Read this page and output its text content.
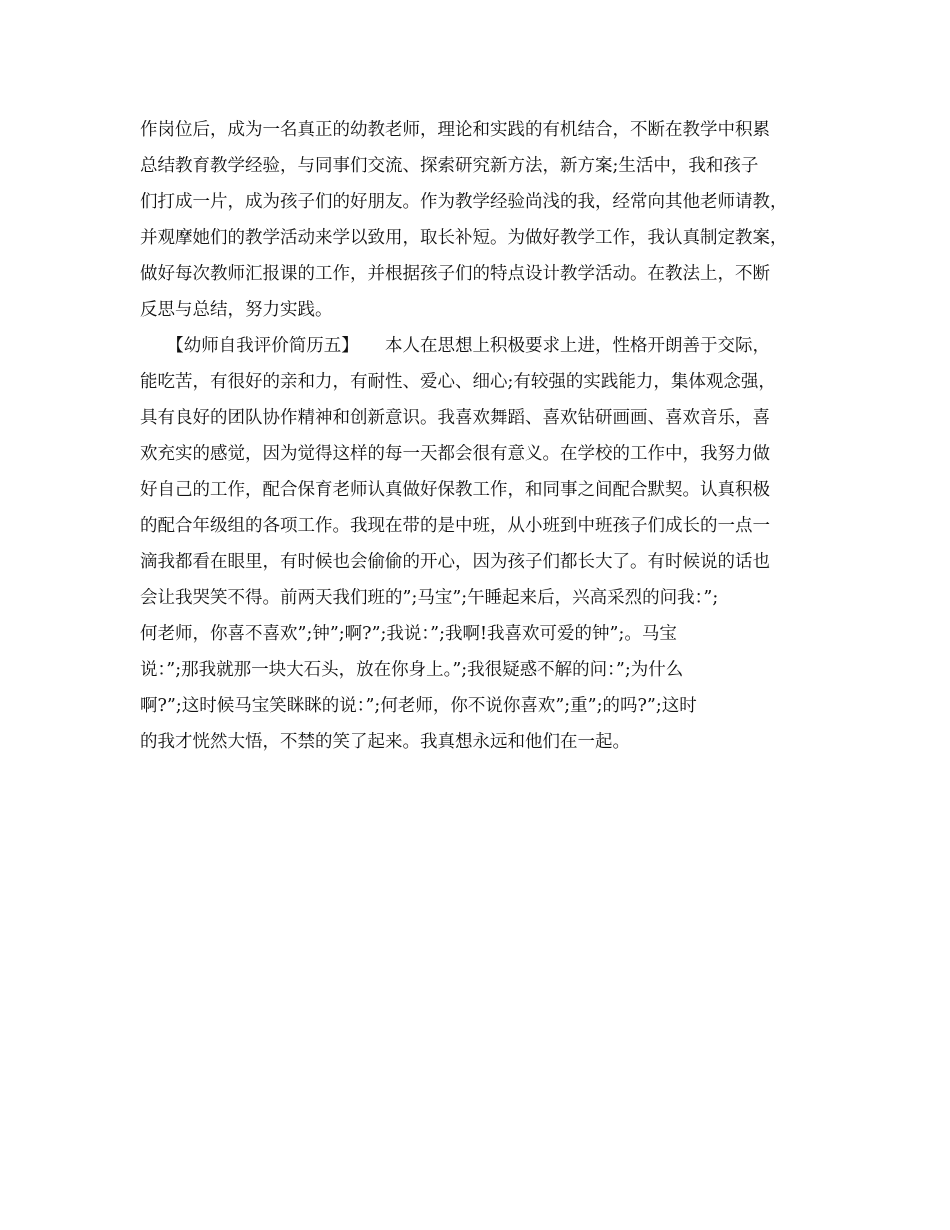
作岗位后，成为一名真正的幼教老师，理论和实践的有机结合，不断在教学中积累
总结教育教学经验，与同事们交流、探索研究新方法，新方案;生活中，我和孩子
们打成一片，成为孩子们的好朋友。作为教学经验尚浅的我，经常向其他老师请教，
并观摩她们的教学活动来学以致用，取长补短。为做好教学工作，我认真制定教案，
做好每次教师汇报课的工作，并根据孩子们的特点设计教学活动。在教法上，不断
反思与总结，努力实践。
　　【幼师自我评价简历五】　　本人在思想上积极要求上进，性格开朗善于交际，
能吃苦，有很好的亲和力，有耐性、爱心、细心;有较强的实践能力，集体观念强，
具有良好的团队协作精神和创新意识。我喜欢舞蹈、喜欢钻研画画、喜欢音乐，喜
欢充实的感觉，因为觉得这样的每一天都会很有意义。在学校的工作中，我努力做
好自己的工作，配合保育老师认真做好保教工作，和同事之间配合默契。认真积极
的配合年级组的各项工作。我现在带的是中班，从小班到中班孩子们成长的一点一
滴我都看在眼里，有时候也会偷偷的开心，因为孩子们都长大了。有时候说的话也
会让我哭笑不得。前两天我们班的”;马宝”;午睡起来后，兴高采烈的问我：”;
何老师，你喜不喜欢”;钟”;啊?”;我说：”;我啊!我喜欢可爱的钟”;。马宝
说：”;那我就那一块大石头，放在你身上。”;我很疑惑不解的问：”;为什么
啊?”;这时候马宝笑眯眯的说：”;何老师，你不说你喜欢”;重”;的吗?”;这时
的我才恍然大悟，不禁的笑了起来。我真想永远和他们在一起。
